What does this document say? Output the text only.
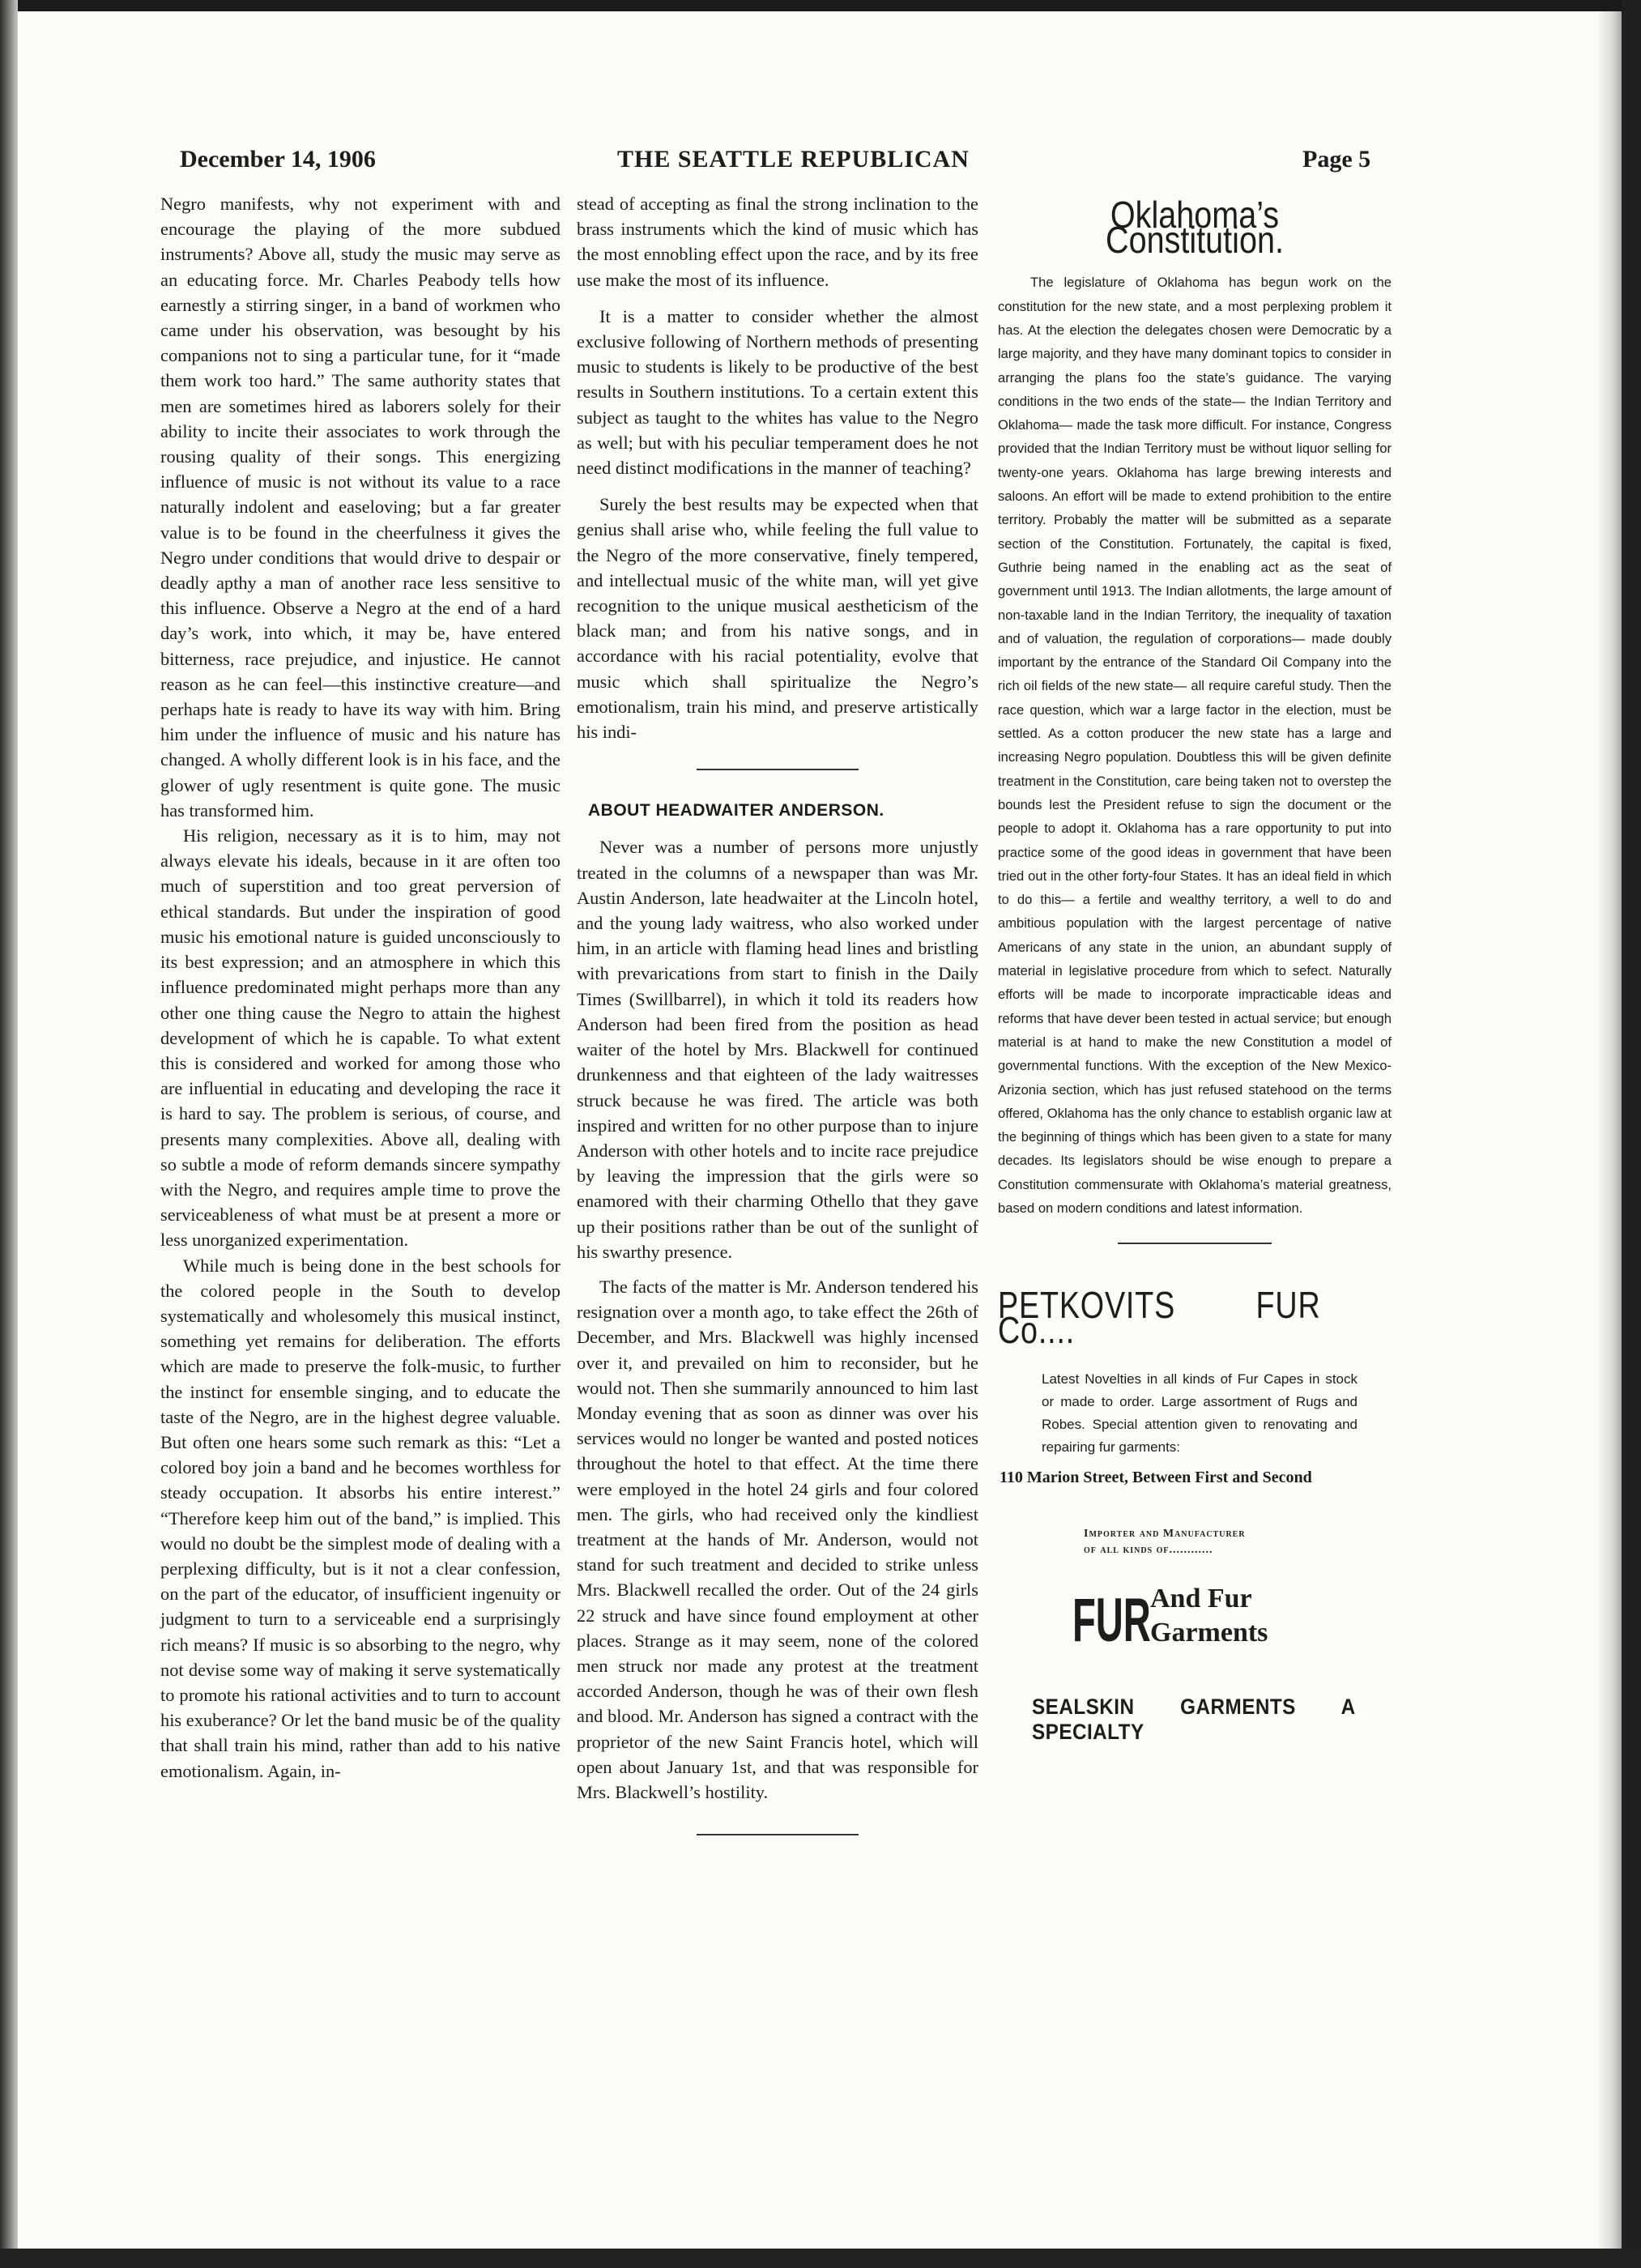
December 14, 1906	THE SEATTLE REPUBLICAN	Page 5

Negro manifests, why not experiment with and encourage the playing of the more subdued instruments? Above all, study the music may serve as an educating force. Mr. Charles Peabody tells how earnestly a stirring singer, in a band of workmen who came under his observation, was besought by his companions not to sing a particular tune, for it “made them work too hard.” The same authority states that men are sometimes hired as laborers solely for their ability to incite their associates to work through the rousing quality of their songs. This energizing influence of music is not without its value to a race naturally indolent and easeloving; but a far greater value is to be found in the cheerfulness it gives the Negro under conditions that would drive to despair or deadly apthy a man of another race less sensitive to this influence. Observe a Negro at the end of a hard day’s work, into which, it may be, have entered bitterness, race prejudice, and injustice. He cannot reason as he can feel—this instinctive creature—and perhaps hate is ready to have its way with him. Bring him under the influence of music and his nature has changed. A wholly different look is in his face, and the glower of ugly resentment is quite gone. The music has transformed him.

His religion, necessary as it is to him, may not always elevate his ideals, because in it are often too much of superstition and too great perversion of ethical standards. But under the inspiration of good music his emotional nature is guided unconsciously to its best expression; and an atmosphere in which this influence predominated might perhaps more than any other one thing cause the Negro to attain the highest development of which he is capable. To what extent this is considered and worked for among those who are influential in educating and developing the race it is hard to say. The problem is serious, of course, and presents many complexities. Above all, dealing with so subtle a mode of reform demands sincere sympathy with the Negro, and requires ample time to prove the serviceableness of what must be at present a more or less unorganized experimentation.

While much is being done in the best schools for the colored people in the South to develop systematically and wholesomely this musical instinct, something yet remains for deliberation. The efforts which are made to preserve the folk-music, to further the instinct for ensemble singing, and to educate the taste of the Negro, are in the highest degree valuable. But often one hears some such remark as this: “Let a colored boy join a band and he becomes worthless for steady occupation. It absorbs his entire interest.” “Therefore keep him out of the band,” is implied. This would no doubt be the simplest mode of dealing with a perplexing difficulty, but is it not a clear confession, on the part of the educator, of insufficient ingenuity or judgment to turn to a serviceable end a surprisingly rich means? If music is so absorbing to the negro, why not devise some way of making it serve systematically to promote his rational activities and to turn to account his exuberance? Or let the band music be of the quality that shall train his mind, rather than add to his native emotionalism. Again, in-

stead of accepting as final the strong inclination to the brass instruments which the kind of music which has the most ennobling effect upon the race, and by its free use make the most of its influence.

It is a matter to consider whether the almost exclusive following of Northern methods of presenting music to students is likely to be productive of the best results in Southern institutions. To a certain extent this subject as taught to the whites has value to the Negro as well; but with his peculiar temperament does he not need distinct modifications in the manner of teaching?

Surely the best results may be expected when that genius shall arise who, while feeling the full value to the Negro of the more conservative, finely tempered, and intellectual music of the white man, will yet give recognition to the unique musical aestheticism of the black man; and from his native songs, and in accordance with his racial potentiality, evolve that music which shall spiritualize the Negro’s emotionalism, train his mind, and preserve artistically his indi-

ABOUT HEADWAITER ANDERSON.

Never was a number of persons more unjustly treated in the columns of a newspaper than was Mr. Austin Anderson, late headwaiter at the Lincoln hotel, and the young lady waitress, who also worked under him, in an article with flaming head lines and bristling with prevarications from start to finish in the Daily Times (Swillbarrel), in which it told its readers how Anderson had been fired from the position as head waiter of the hotel by Mrs. Blackwell for continued drunkenness and that eighteen of the lady waitresses struck because he was fired. The article was both inspired and written for no other purpose than to injure Anderson with other hotels and to incite race prejudice by leaving the impression that the girls were so enamored with their charming Othello that they gave up their positions rather than be out of the sunlight of his swarthy presence.

The facts of the matter is Mr. Anderson tendered his resignation over a month ago, to take effect the 26th of December, and Mrs. Blackwell was highly incensed over it, and prevailed on him to reconsider, but he would not. Then she summarily announced to him last Monday evening that as soon as dinner was over his services would no longer be wanted and posted notices throughout the hotel to that effect. At the time there were employed in the hotel 24 girls and four colored men. The girls, who had received only the kindliest treatment at the hands of Mr. Anderson, would not stand for such treatment and decided to strike unless Mrs. Blackwell recalled the order. Out of the 24 girls 22 struck and have since found employment at other places. Strange as it may seem, none of the colored men struck nor made any protest at the treatment accorded Anderson, though he was of their own flesh and blood. Mr. Anderson has signed a contract with the proprietor of the new Saint Francis hotel, which will open about January 1st, and that was responsible for Mrs. Blackwell’s hostility.

Oklahoma’s Constitution.

The legislature of Oklahoma has begun work on the constitution for the new state, and a most perplexing problem it has. At the election the delegates chosen were Democratic by a large majority, and they have many dominant topics to consider in arranging the plans foo the state’s guidance. The varying conditions in the two ends of the state— the Indian Territory and Oklahoma— made the task more difficult. For instance, Congress provided that the Indian Territory must be without liquor selling for twenty-one years. Oklahoma has large brewing interests and saloons. An effort will be made to extend prohibition to the entire territory. Probably the matter will be submitted as a separate section of the Constitution. Fortunately, the capital is fixed, Guthrie being named in the enabling act as the seat of government until 1913. The Indian allotments, the large amount of non-taxable land in the Indian Territory, the inequality of taxation and of valuation, the regulation of corporations— made doubly important by the entrance of the Standard Oil Company into the rich oil fields of the new state— all require careful study. Then the race question, which war a large factor in the election, must be settled. As a cotton producer the new state has a large and increasing Negro population. Doubtless this will be given definite treatment in the Constitution, care being taken not to overstep the bounds lest the President refuse to sign the document or the people to adopt it. Oklahoma has a rare opportunity to put into practice some of the good ideas in government that have been tried out in the other forty-four States. It has an ideal field in which to do this— a fertile and wealthy territory, a well to do and ambitious population with the largest percentage of native Americans of any state in the union, an abundant supply of material in legislative procedure from which to sefect. Naturally efforts will be made to incorporate impracticable ideas and reforms that have dever been tested in actual service; but enough material is at hand to make the new Constitution a model of governmental functions. With the exception of the New Mexico-Arizonia section, which has just refused statehood on the terms offered, Oklahoma has the only chance to establish organic law at the beginning of things which has been given to a state for many decades. Its legislators should be wise enough to prepare a Constitution commensurate with Oklahoma’s material greatness, based on modern conditions and latest information.

PETKOVITS FUR Co....
Latest Novelties in all kinds of Fur Capes in stock or made to order. Large assortment of Rugs and Robes. Special attention given to renovating and repairing fur garments:
110 Marion Street, Between First and Second
Importer and Manufacturer
of all kinds of............
FUR And Fur
Garments
SEALSKIN GARMENTS A SPECIALTY
